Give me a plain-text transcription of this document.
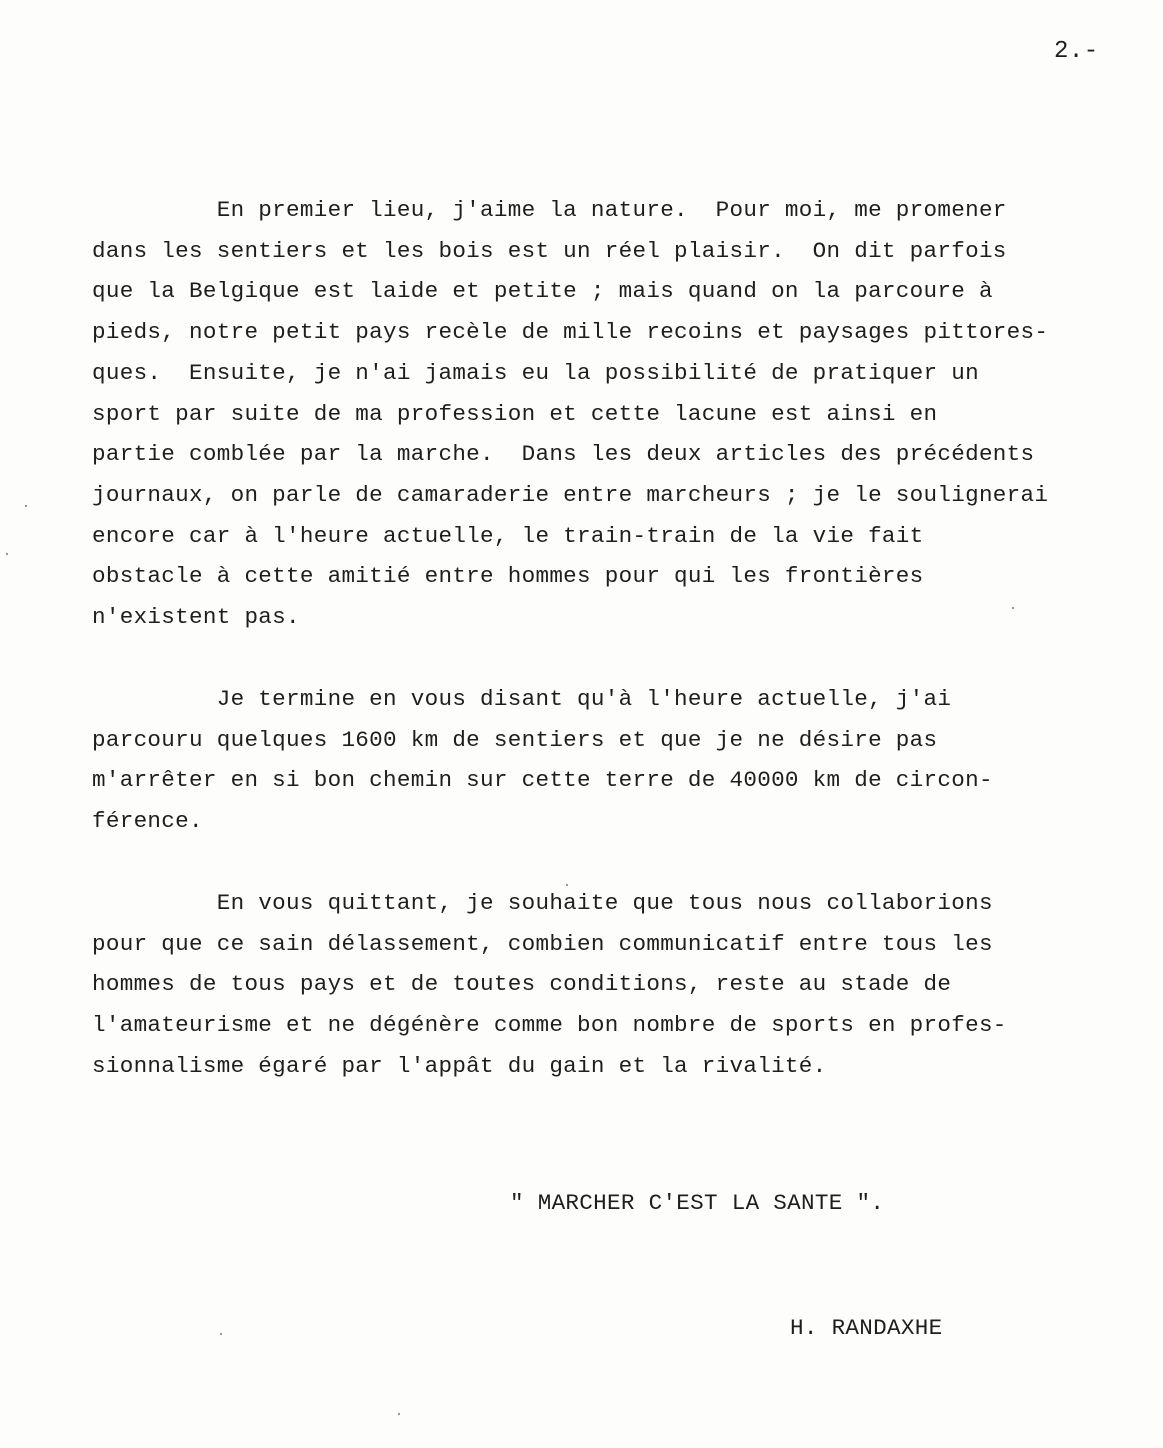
2.-
En premier lieu, j'aime la nature.  Pour moi, me promener
dans les sentiers et les bois est un réel plaisir.  On dit parfois
que la Belgique est laide et petite ; mais quand on la parcoure à
pieds, notre petit pays recèle de mille recoins et paysages pittores-
ques.  Ensuite, je n'ai jamais eu la possibilité de pratiquer un
sport par suite de ma profession et cette lacune est ainsi en
partie comblée par la marche.  Dans les deux articles des précédents
journaux, on parle de camaraderie entre marcheurs ; je le soulignerai
encore car à l'heure actuelle, le train-train de la vie fait
obstacle à cette amitié entre hommes pour qui les frontières
n'existent pas.
Je termine en vous disant qu'à l'heure actuelle, j'ai
parcouru quelques 1600 km de sentiers et que je ne désire pas
m'arrêter en si bon chemin sur cette terre de 40000 km de circon-
férence.
En vous quittant, je souhaite que tous nous collaborions
pour que ce sain délassement, combien communicatif entre tous les
hommes de tous pays et de toutes conditions, reste au stade de
l'amateurisme et ne dégénère comme bon nombre de sports en profes-
sionnalisme égaré par l'appât du gain et la rivalité.
" MARCHER C'EST LA SANTE ".
H. RANDAXHE
